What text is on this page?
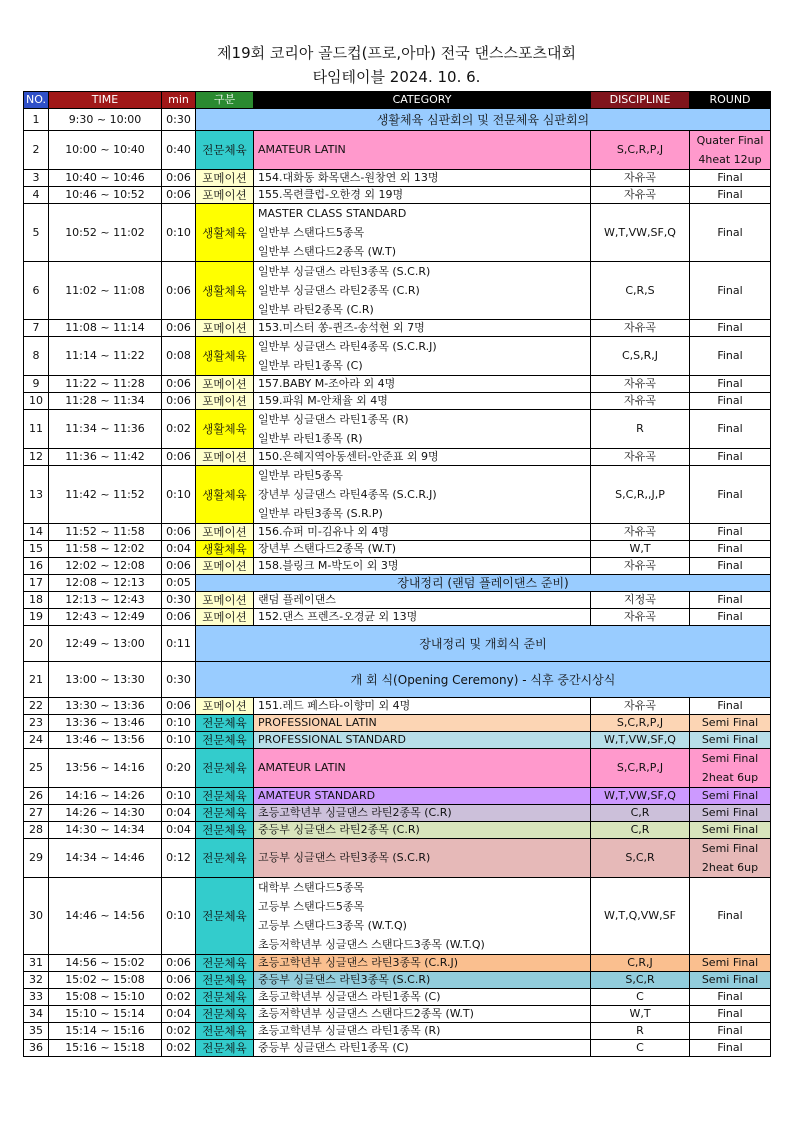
제19회 코리아 골드컵(프로,아마) 전국 댄스스포츠대회
타임테이블 2024. 10. 6.
NO.	TIME	min	구분	CATEGORY	DISCIPLINE	ROUND
1	9:30 ~ 10:00	0:30	생활체육 심판회의 및 전문체육 심판회의			
2	10:00 ~ 10:40	0:40	전문체육	AMATEUR LATIN	S,C,R,P,J	Quater Final
4heat 12up

3	10:40 ~ 10:46	0:06	포메이션	154.대화동 화목댄스-원창연 외 13명	자유곡	Final

4	10:46 ~ 10:52	0:06	포메이션	155.목련클럽-오한경 외 19명	자유곡	Final

5	10:52 ~ 11:02	0:10	생활체육	MASTER CLASS STANDARD
일반부 스탠다드5종목
일반부 스탠다드2종목 (W.T)	W,T,VW,SF,Q	Final

6	11:02 ~ 11:08	0:06	생활체육	일반부 싱글댄스 라틴3종목 (S.C.R)
일반부 싱글댄스 라틴2종목 (C.R)
일반부 라틴2종목 (C.R)	C,R,S	Final

7	11:08 ~ 11:14	0:06	포메이션	153.미스터 쏭-퀸즈-송석현 외 7명	자유곡	Final

8	11:14 ~ 11:22	0:08	생활체육	일반부 싱글댄스 라틴4종목 (S.C.R.J)
일반부 라틴1종목 (C)	C,S,R,J	Final

9	11:22 ~ 11:28	0:06	포메이션	157.BABY M-조아라 외 4명	자유곡	Final

10	11:28 ~ 11:34	0:06	포메이션	159.파워 M-안채율 외 4명	자유곡	Final

11	11:34 ~ 11:36	0:02	생활체육	일반부 싱글댄스 라틴1종목 (R)
일반부 라틴1종목 (R)	R	Final

12	11:36 ~ 11:42	0:06	포메이션	150.은혜지역아동센터-안준표 외 9명	자유곡	Final

13	11:42 ~ 11:52	0:10	생활체육	일반부 라틴5종목
장년부 싱글댄스 라틴4종목 (S.C.R.J)
일반부 라틴3종목 (S.R.P)	S,C,R,,J,P	Final

14	11:52 ~ 11:58	0:06	포메이션	156.슈퍼 미-김유나 외 4명	자유곡	Final

15	11:58 ~ 12:02	0:04	생활체육	장년부 스탠다드2종목 (W.T)	W,T	Final

16	12:02 ~ 12:08	0:06	포메이션	158.블링크 M-박도이 외 3명	자유곡	Final

17	12:08 ~ 12:13	0:05	장내정리 (랜덤 플레이댄스 준비)			
18	12:13 ~ 12:43	0:30	포메이션	랜덤 플레이댄스	지정곡	Final

19	12:43 ~ 12:49	0:06	포메이션	152.댄스 프렌즈-오경균 외 13명	자유곡	Final

20	12:49 ~ 13:00	0:11	장내정리 및 개회식 준비			
21	13:00 ~ 13:30	0:30	개 회 식(Opening Ceremony) - 식후 중간시상식			
22	13:30 ~ 13:36	0:06	포메이션	151.레드 페스타-이향미 외 4명	자유곡	Final

23	13:36 ~ 13:46	0:10	전문체육	PROFESSIONAL LATIN	S,C,R,P,J	Semi Final

24	13:46 ~ 13:56	0:10	전문체육	PROFESSIONAL STANDARD	W,T,VW,SF,Q	Semi Final

25	13:56 ~ 14:16	0:20	전문체육	AMATEUR LATIN	S,C,R,P,J	Semi Final
2heat 6up

26	14:16 ~ 14:26	0:10	전문체육	AMATEUR STANDARD	W,T,VW,SF,Q	Semi Final

27	14:26 ~ 14:30	0:04	전문체육	초등고학년부 싱글댄스 라틴2종목 (C.R)	C,R	Semi Final

28	14:30 ~ 14:34	0:04	전문체육	중등부 싱글댄스 라틴2종목 (C.R)	C,R	Semi Final

29	14:34 ~ 14:46	0:12	전문체육	고등부 싱글댄스 라틴3종목 (S.C.R)	S,C,R	Semi Final
2heat 6up

30	14:46 ~ 14:56	0:10	전문체육	대학부 스탠다드5종목
고등부 스탠다드5종목
고등부 스탠다드3종목 (W.T.Q)
초등저학년부 싱글댄스 스탠다드3종목 (W.T.Q)	W,T,Q,VW,SF	Final

31	14:56 ~ 15:02	0:06	전문체육	초등고학년부 싱글댄스 라틴3종목 (C.R.J)	C,R,J	Semi Final

32	15:02 ~ 15:08	0:06	전문체육	중등부 싱글댄스 라틴3종목 (S.C.R)	S,C,R	Semi Final

33	15:08 ~ 15:10	0:02	전문체육	초등고학년부 싱글댄스 라틴1종목 (C)	C	Final

34	15:10 ~ 15:14	0:04	전문체육	초등저학년부 싱글댄스 스탠다드2종목 (W.T)	W,T	Final

35	15:14 ~ 15:16	0:02	전문체육	초등고학년부 싱글댄스 라틴1종목 (R)	R	Final

36	15:16 ~ 15:18	0:02	전문체육	중등부 싱글댄스 라틴1종목 (C)	C	Final
